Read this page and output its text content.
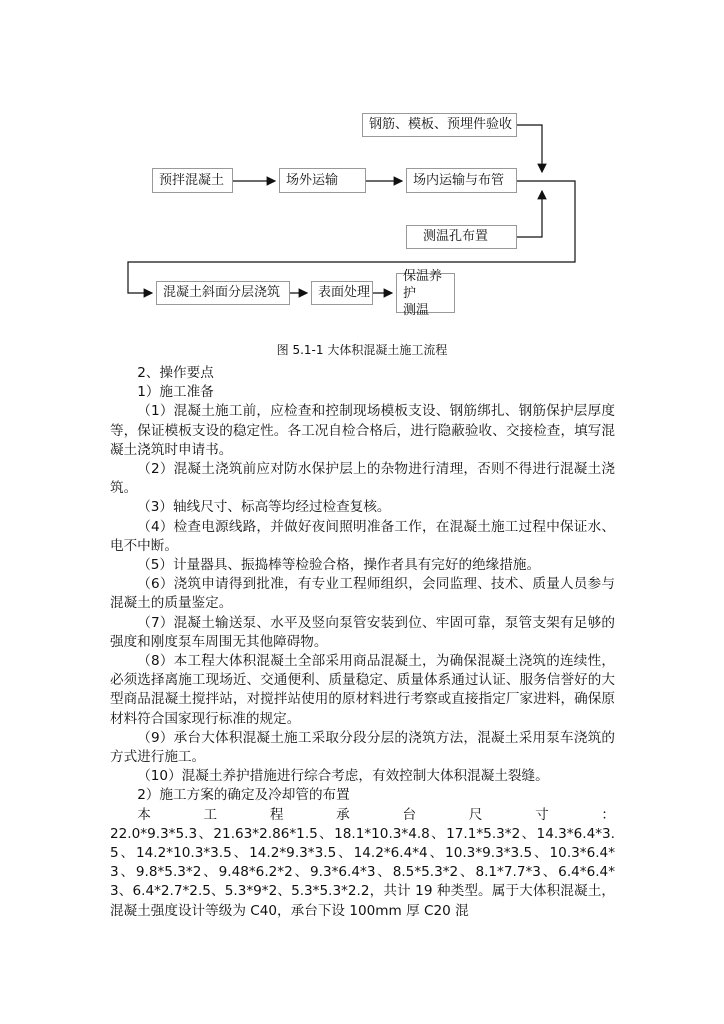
钢筋、模板、预埋件验收
预拌混凝土	场外运输	场内运输与布管
测温孔布置
混凝土斜面分层浇筑	表面处理
保温养护
测温
图 5.1-1 大体积混凝土施工流程

2、操作要点

1）施工准备

（1）混凝土施工前，应检查和控制现场模板支设、钢筋绑扎、钢筋保护层厚度等，保证模板支设的稳定性。各工况自检合格后，进行隐蔽验收、交接检查，填写混凝土浇筑时申请书。

（2）混凝土浇筑前应对防水保护层上的杂物进行清理，否则不得进行混凝土浇筑。

（3）轴线尺寸、标高等均经过检查复核。

（4）检查电源线路，并做好夜间照明准备工作，在混凝土施工过程中保证水、电不中断。

（5）计量器具、振捣棒等检验合格，操作者具有完好的绝缘措施。

（6）浇筑申请得到批准，有专业工程师组织，会同监理、技术、质量人员参与混凝土的质量鉴定。

（7）混凝土输送泵、水平及竖向泵管安装到位、牢固可靠，泵管支架有足够的强度和刚度泵车周围无其他障碍物。

（8）本工程大体积混凝土全部采用商品混凝土，为确保混凝土浇筑的连续性，必须选择离施工现场近、交通便利、质量稳定、质量体系通过认证、服务信誉好的大型商品混凝土搅拌站，对搅拌站使用的原材料进行考察或直接指定厂家进料，确保原材料符合国家现行标准的规定。

（9）承台大体积混凝土施工采取分段分层的浇筑方法，混凝土采用泵车浇筑的方式进行施工。

（10）混凝土养护措施进行综合考虑，有效控制大体积混凝土裂缝。

2）施工方案的确定及冷却管的布置

本	工	程	承	台	尺	寸	：

22.0*9.3*5.3、21.63*2.86*1.5、18.1*10.3*4.8、17.1*5.3*2、14.3*6.4*3.5、14.2*10.3*3.5、14.2*9.3*3.5、14.2*6.4*4、10.3*9.3*3.5、10.3*6.4*3、9.8*5.3*2、9.48*6.2*2、9.3*6.4*3、8.5*5.3*2、8.1*7.7*3、6.4*6.4*3、6.4*2.7*2.5、5.3*9*2、5.3*5.3*2.2，共计 19 种类型。属于大体积混凝土，混凝土强度设计等级为 C40，承台下设 100mm 厚 C20 混
